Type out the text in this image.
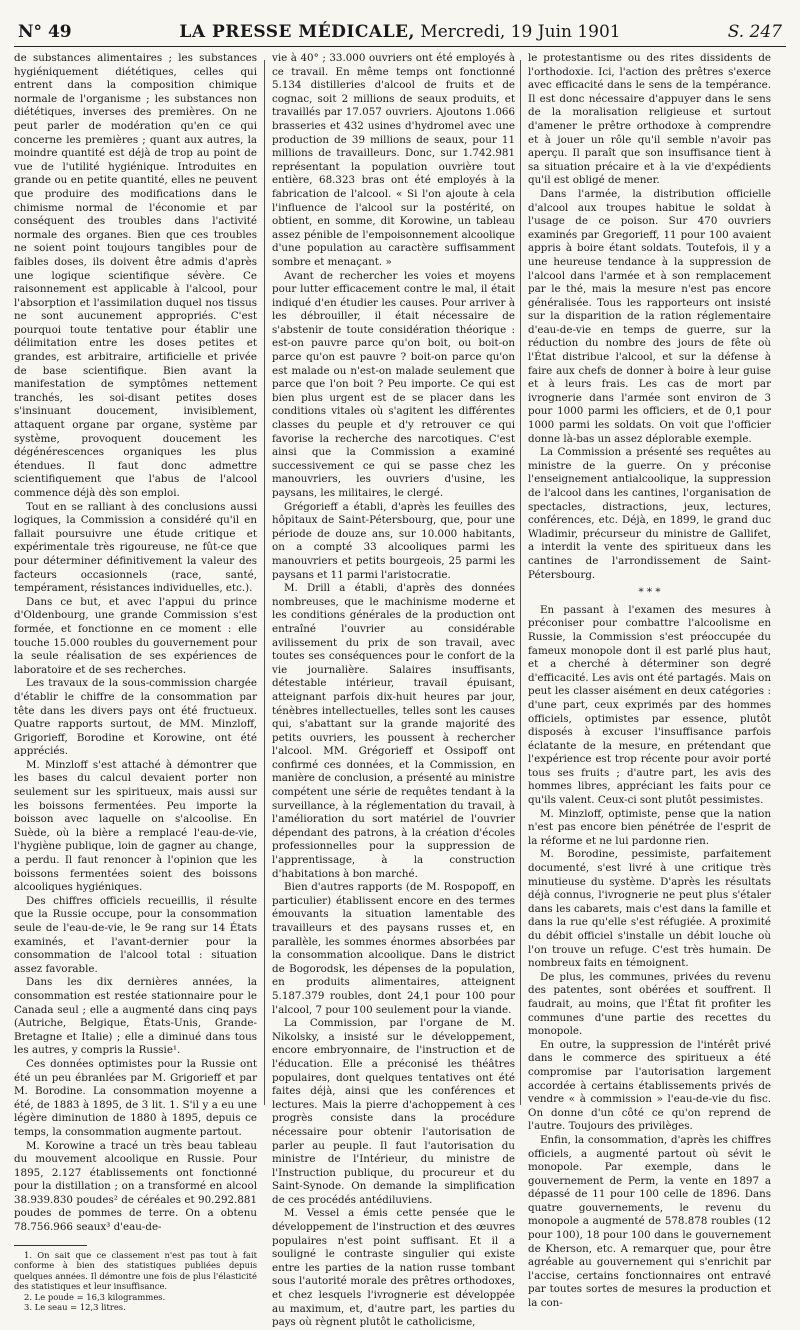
N° 49	LA PRESSE MÉDICALE, Mercredi, 19 Juin 1901	S. 247

de substances alimentaires ; les substances hygiéniquement diététiques, celles qui entrent dans la composition chimique normale de l'organisme ; les substances non diététiques, inverses des premières. On ne peut parler de modération qu'en ce qui concerne les premières ; quant aux autres, la moindre quantité est déjà de trop au point de vue de l'utilité hygiénique. Introduites en grande ou en petite quantité, elles ne peuvent que produire des modifications dans le chimisme normal de l'économie et par conséquent des troubles dans l'activité normale des organes. Bien que ces troubles ne soient point toujours tangibles pour de faibles doses, ils doivent être admis d'après une logique scientifique sévère. Ce raisonnement est applicable à l'alcool, pour l'absorption et l'assimilation duquel nos tissus ne sont aucunement appropriés. C'est pourquoi toute tentative pour établir une délimitation entre les doses petites et grandes, est arbitraire, artificielle et privée de base scientifique. Bien avant la manifestation de symptômes nettement tranchés, les soi-disant petites doses s'insinuant doucement, invisiblement, attaquent organe par organe, système par système, provoquent doucement les dégénérescences organiques les plus étendues. Il faut donc admettre scientifiquement que l'abus de l'alcool commence déjà dès son emploi.

Tout en se ralliant à des conclusions aussi logiques, la Commission a considéré qu'il en fallait poursuivre une étude critique et expérimentale très rigoureuse, ne fût-ce que pour déterminer définitivement la valeur des facteurs occasionnels (race, santé, tempérament, résistances individuelles, etc.).

Dans ce but, et avec l'appui du prince d'Oldenbourg, une grande Commission s'est formée, et fonctionne en ce moment : elle touche 15.000 roubles du gouvernement pour la seule réalisation de ses expériences de laboratoire et de ses recherches.

Les travaux de la sous-commission chargée d'établir le chiffre de la consommation par tête dans les divers pays ont été fructueux. Quatre rapports surtout, de MM. Minzloff, Grigorieff, Borodine et Korowine, ont été appréciés.

M. Minzloff s'est attaché à démontrer que les bases du calcul devaient porter non seulement sur les spiritueux, mais aussi sur les boissons fermentées. Peu importe la boisson avec laquelle on s'alcoolise. En Suède, où la bière a remplacé l'eau-de-vie, l'hygiène publique, loin de gagner au change, a perdu. Il faut renoncer à l'opinion que les boissons fermentées soient des boissons alcooliques hygiéniques.

Des chiffres officiels recueillis, il résulte que la Russie occupe, pour la consommation seule de l'eau-de-vie, le 9e rang sur 14 États examinés, et l'avant-dernier pour la consommation de l'alcool total : situation assez favorable.

Dans les dix dernières années, la consommation est restée stationnaire pour le Canada seul ; elle a augmenté dans cinq pays (Autriche, Belgique, États-Unis, Grande-Bretagne et Italie) ; elle a diminué dans tous les autres, y compris la Russie¹.

Ces données optimistes pour la Russie ont été un peu ébranlées par M. Grigorieff et par M. Borodine. La consommation moyenne a été, de 1883 à 1895, de 3 lit. 1. S'il y a eu une légère diminution de 1880 à 1895, depuis ce temps, la consommation augmente partout.

M. Korowine a tracé un très beau tableau du mouvement alcoolique en Russie. Pour 1895, 2.127 établissements ont fonctionné pour la distillation ; on a transformé en alcool 38.939.830 poudes² de céréales et 90.292.881 poudes de pommes de terre. On a obtenu 78.756.966 seaux³ d'eau-de-

1. On sait que ce classement n'est pas tout à fait conforme à bien des statistiques publiées depuis quelques années. Il démontre une fois de plus l'élasticité des statistiques et leur insuffisance.

2. Le poude = 16,3 kilogrammes.

3. Le seau = 12,3 litres.

vie à 40° ; 33.000 ouvriers ont été employés à ce travail. En même temps ont fonctionné 5.134 distilleries d'alcool de fruits et de cognac, soit 2 millions de seaux produits, et travaillés par 17.057 ouvriers. Ajoutons 1.066 brasseries et 432 usines d'hydromel avec une production de 39 millions de seaux, pour 11 millions de travailleurs. Donc, sur 1.742.981 représentant la population ouvrière tout entière, 68.323 bras ont été employés à la fabrication de l'alcool. « Si l'on ajoute à cela l'influence de l'alcool sur la postérité, on obtient, en somme, dit Korowine, un tableau assez pénible de l'empoisonnement alcoolique d'une population au caractère suffisamment sombre et menaçant. »

Avant de rechercher les voies et moyens pour lutter efficacement contre le mal, il était indiqué d'en étudier les causes. Pour arriver à les débrouiller, il était nécessaire de s'abstenir de toute considération théorique : est-on pauvre parce qu'on boit, ou boit-on parce qu'on est pauvre ? boit-on parce qu'on est malade ou n'est-on malade seulement que parce que l'on boit ? Peu importe. Ce qui est bien plus urgent est de se placer dans les conditions vitales où s'agitent les différentes classes du peuple et d'y retrouver ce qui favorise la recherche des narcotiques. C'est ainsi que la Commission a examiné successivement ce qui se passe chez les manouvriers, les ouvriers d'usine, les paysans, les militaires, le clergé.

Grégorieff a établi, d'après les feuilles des hôpitaux de Saint-Pétersbourg, que, pour une période de douze ans, sur 10.000 habitants, on a compté 33 alcooliques parmi les manouvriers et petits bourgeois, 25 parmi les paysans et 11 parmi l'aristocratie.

M. Drill a établi, d'après des données nombreuses, que le machinisme moderne et les conditions générales de la production ont entraîné l'ouvrier au considérable avilissement du prix de son travail, avec toutes ses conséquences pour le confort de la vie journalière. Salaires insuffisants, détestable intérieur, travail épuisant, atteignant parfois dix-huit heures par jour, ténèbres intellectuelles, telles sont les causes qui, s'abattant sur la grande majorité des petits ouvriers, les poussent à rechercher l'alcool. MM. Grégorieff et Ossipoff ont confirmé ces données, et la Commission, en manière de conclusion, a présenté au ministre compétent une série de requêtes tendant à la surveillance, à la réglementation du travail, à l'amélioration du sort matériel de l'ouvrier dépendant des patrons, à la création d'écoles professionnelles pour la suppression de l'apprentissage, à la construction d'habitations à bon marché.

Bien d'autres rapports (de M. Rospopoff, en particulier) établissent encore en des termes émouvants la situation lamentable des travailleurs et des paysans russes et, en parallèle, les sommes énormes absorbées par la consommation alcoolique. Dans le district de Bogorodsk, les dépenses de la population, en produits alimentaires, atteignent 5.187.379 roubles, dont 24,1 pour 100 pour l'alcool, 7 pour 100 seulement pour la viande.

La Commission, par l'organe de M. Nikolsky, a insisté sur le développement, encore embryonnaire, de l'instruction et de l'éducation. Elle a préconisé les théâtres populaires, dont quelques tentatives ont été faites déjà, ainsi que les conférences et lectures. Mais la pierre d'achoppement à ces progrès consiste dans la procédure nécessaire pour obtenir l'autorisation de parler au peuple. Il faut l'autorisation du ministre de l'Intérieur, du ministre de l'Instruction publique, du procureur et du Saint-Synode. On demande la simplification de ces procédés antédiluviens.

M. Vessel a émis cette pensée que le développement de l'instruction et des œuvres populaires n'est point suffisant. Et il a souligné le contraste singulier qui existe entre les parties de la nation russe tombant sous l'autorité morale des prêtres orthodoxes, et chez lesquels l'ivrognerie est développée au maximum, et, d'autre part, les parties du pays où règnent plutôt le catholicisme,

le protestantisme ou des rites dissidents de l'orthodoxie. Ici, l'action des prêtres s'exerce avec efficacité dans le sens de la tempérance. Il est donc nécessaire d'appuyer dans le sens de la moralisation religieuse et surtout d'amener le prêtre orthodoxe à comprendre et à jouer un rôle qu'il semble n'avoir pas aperçu. Il paraît que son insuffisance tient à sa situation précaire et à la vie d'expédients qu'il est obligé de mener.

Dans l'armée, la distribution officielle d'alcool aux troupes habitue le soldat à l'usage de ce poison. Sur 470 ouvriers examinés par Gregorieff, 11 pour 100 avaient appris à boire étant soldats. Toutefois, il y a une heureuse tendance à la suppression de l'alcool dans l'armée et à son remplacement par le thé, mais la mesure n'est pas encore généralisée. Tous les rapporteurs ont insisté sur la disparition de la ration réglementaire d'eau-de-vie en temps de guerre, sur la réduction du nombre des jours de fête où l'État distribue l'alcool, et sur la défense à faire aux chefs de donner à boire à leur guise et à leurs frais. Les cas de mort par ivrognerie dans l'armée sont environ de 3 pour 1000 parmi les officiers, et de 0,1 pour 1000 parmi les soldats. On voit que l'officier donne là-bas un assez déplorable exemple.

La Commission a présenté ses requêtes au ministre de la guerre. On y préconise l'enseignement antialcoolique, la suppression de l'alcool dans les cantines, l'organisation de spectacles, distractions, jeux, lectures, conférences, etc. Déjà, en 1899, le grand duc Wladimir, précurseur du ministre de Gallifet, a interdit la vente des spiritueux dans les cantines de l'arrondissement de Saint-Pétersbourg.

* * *

En passant à l'examen des mesures à préconiser pour combattre l'alcoolisme en Russie, la Commission s'est préoccupée du fameux monopole dont il est parlé plus haut, et a cherché à déterminer son degré d'efficacité. Les avis ont été partagés. Mais on peut les classer aisément en deux catégories : d'une part, ceux exprimés par des hommes officiels, optimistes par essence, plutôt disposés à excuser l'insuffisance parfois éclatante de la mesure, en prétendant que l'expérience est trop récente pour avoir porté tous ses fruits ; d'autre part, les avis des hommes libres, appréciant les faits pour ce qu'ils valent. Ceux-ci sont plutôt pessimistes.

M. Minzloff, optimiste, pense que la nation n'est pas encore bien pénétrée de l'esprit de la réforme et ne lui pardonne rien.

M. Borodine, pessimiste, parfaitement documenté, s'est livré à une critique très minutieuse du système. D'après les résultats déjà connus, l'ivrognerie ne peut plus s'étaler dans les cabarets, mais c'est dans la famille et dans la rue qu'elle s'est réfugiée. A proximité du débit officiel s'installe un débit louche où l'on trouve un refuge. C'est très humain. De nombreux faits en témoignent.

De plus, les communes, privées du revenu des patentes, sont obérées et souffrent. Il faudrait, au moins, que l'État fit profiter les communes d'une partie des recettes du monopole.

En outre, la suppression de l'intérêt privé dans le commerce des spiritueux a été compromise par l'autorisation largement accordée à certains établissements privés de vendre « à commission » l'eau-de-vie du fisc. On donne d'un côté ce qu'on reprend de l'autre. Toujours des privilèges.

Enfin, la consommation, d'après les chiffres officiels, a augmenté partout où sévit le monopole. Par exemple, dans le gouvernement de Perm, la vente en 1897 a dépassé de 11 pour 100 celle de 1896. Dans quatre gouvernements, le revenu du monopole a augmenté de 578.878 roubles (12 pour 100), 18 pour 100 dans le gouvernement de Kherson, etc. A remarquer que, pour être agréable au gouvernement qui s'enrichit par l'accise, certains fonctionnaires ont entravé par toutes sortes de mesures la production et la con-
